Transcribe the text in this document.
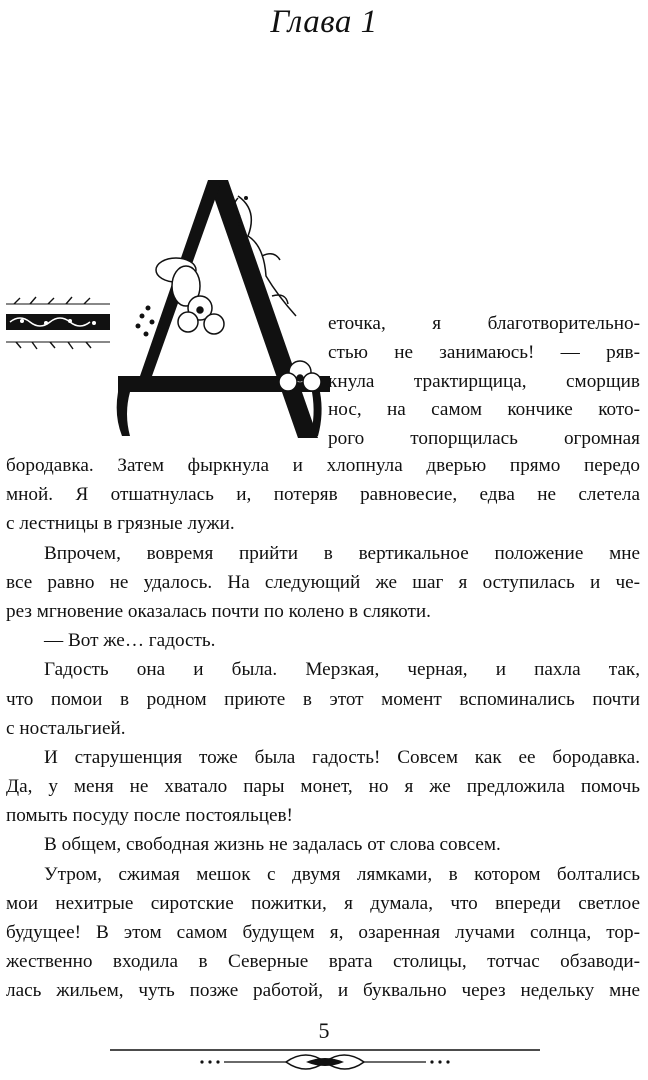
Глава 1
еточка, я благотворительно-
стью не занимаюсь! — ряв-
кнула трактирщица, сморщив
нос, на самом кончике кото-
рого топорщилась огромная
бородавка. Затем фыркнула и хлопнула дверью прямо передо
мной. Я отшатнулась и, потеряв равновесие, едва не слетела
с лестницы в грязные лужи.
Впрочем, вовремя прийти в вертикальное положение мне
все равно не удалось. На следующий же шаг я оступилась и че-
рез мгновение оказалась почти по колено в слякоти.
— Вот же… гадость.
Гадость она и была. Мерзкая, черная, и пахла так,
что помои в родном приюте в этот момент вспоминались почти
с ностальгией.
И старушенция тоже была гадость! Совсем как ее бородавка.
Да, у меня не хватало пары монет, но я же предложила помочь
помыть посуду после постояльцев!
В общем, свободная жизнь не задалась от слова совсем.
Утром, сжимая мешок с двумя лямками, в котором болтались
мои нехитрые сиротские пожитки, я думала, что впереди светлое
будущее! В этом самом будущем я, озаренная лучами солнца, тор-
жественно входила в Северные врата столицы, тотчас обзаводи-
лась жильем, чуть позже работой, и буквально через недельку мне
5
